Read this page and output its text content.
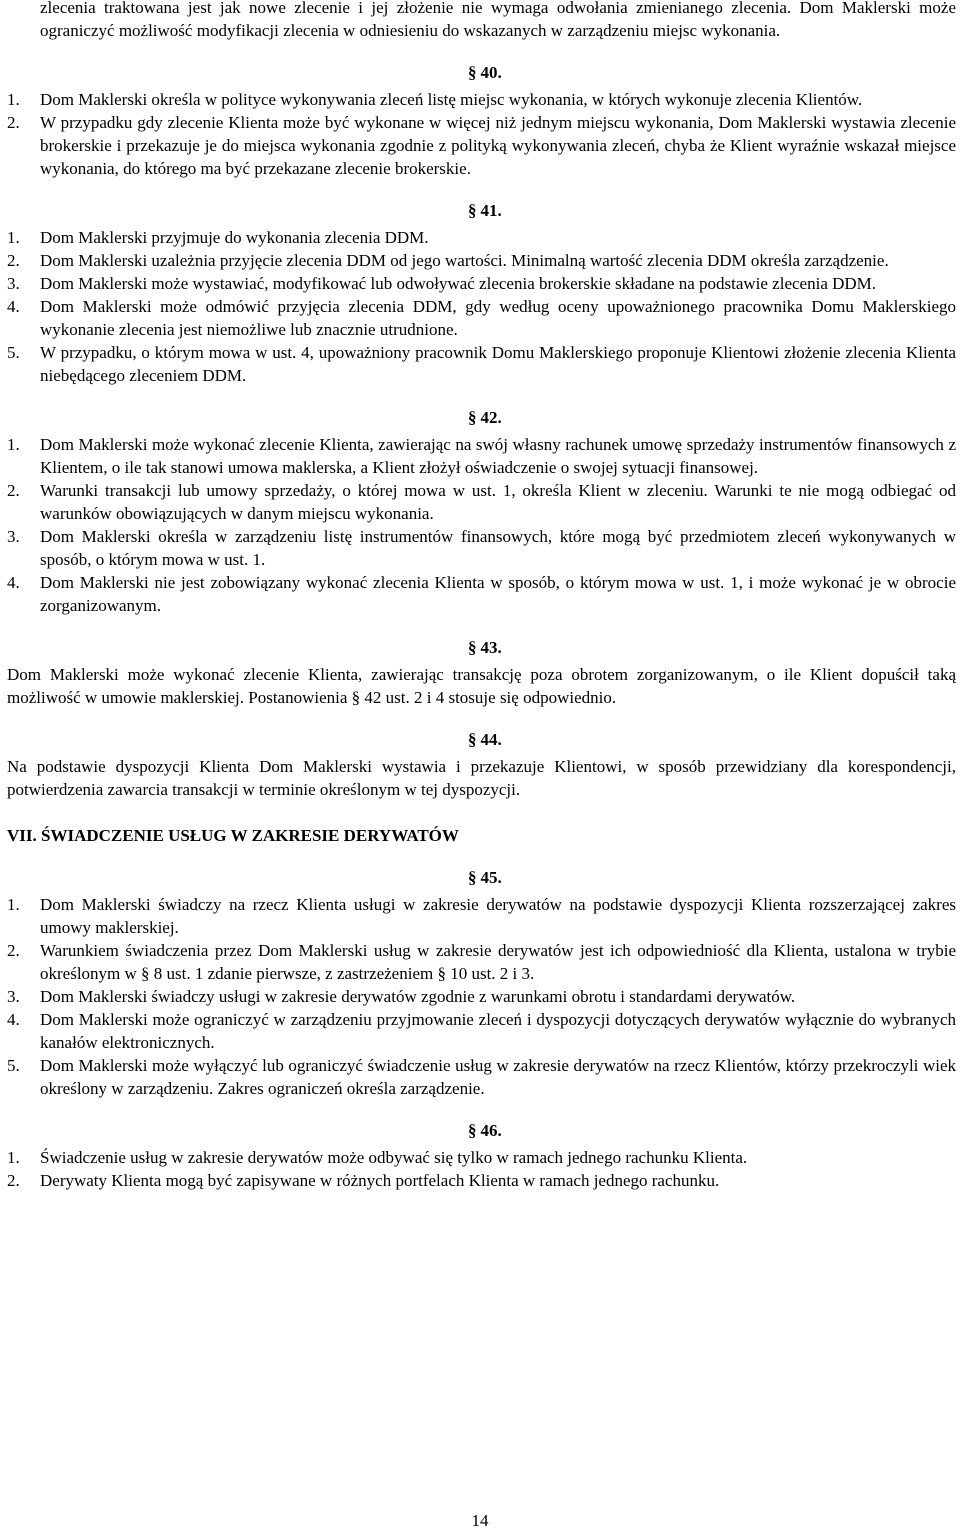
zlecenia traktowana jest jak nowe zlecenie i jej złożenie nie wymaga odwołania zmienianego zlecenia. Dom Maklerski może ograniczyć możliwość modyfikacji zlecenia w odniesieniu do wskazanych w zarządzeniu miejsc wykonania.

§ 40.
1. Dom Maklerski określa w polityce wykonywania zleceń listę miejsc wykonania, w których wykonuje zlecenia Klientów.
2. W przypadku gdy zlecenie Klienta może być wykonane w więcej niż jednym miejscu wykonania, Dom Maklerski wystawia zlecenie brokerskie i przekazuje je do miejsca wykonania zgodnie z polityką wykonywania zleceń, chyba że Klient wyraźnie wskazał miejsce wykonania, do którego ma być przekazane zlecenie brokerskie.
§ 41.
1. Dom Maklerski przyjmuje do wykonania zlecenia DDM.
2. Dom Maklerski uzależnia przyjęcie zlecenia DDM od jego wartości. Minimalną wartość zlecenia DDM określa zarządzenie.
3. Dom Maklerski może wystawiać, modyfikować lub odwoływać zlecenia brokerskie składane na podstawie zlecenia DDM.
4. Dom Maklerski może odmówić przyjęcia zlecenia DDM, gdy według oceny upoważnionego pracownika Domu Maklerskiego wykonanie zlecenia jest niemożliwe lub znacznie utrudnione.
5. W przypadku, o którym mowa w ust. 4, upoważniony pracownik Domu Maklerskiego proponuje Klientowi złożenie zlecenia Klienta niebędącego zleceniem DDM.
§ 42.
1. Dom Maklerski może wykonać zlecenie Klienta, zawierając na swój własny rachunek umowę sprzedaży instrumentów finansowych z Klientem, o ile tak stanowi umowa maklerska, a Klient złożył oświadczenie o swojej sytuacji finansowej.
2. Warunki transakcji lub umowy sprzedaży, o której mowa w ust. 1, określa Klient w zleceniu. Warunki te nie mogą odbiegać od warunków obowiązujących w danym miejscu wykonania.
3. Dom Maklerski określa w zarządzeniu listę instrumentów finansowych, które mogą być przedmiotem zleceń wykonywanych w sposób, o którym mowa w ust. 1.
4. Dom Maklerski nie jest zobowiązany wykonać zlecenia Klienta w sposób, o którym mowa w ust. 1, i może wykonać je w obrocie zorganizowanym.
§ 43.

Dom Maklerski może wykonać zlecenie Klienta, zawierając transakcję poza obrotem zorganizowanym, o ile Klient dopuścił taką możliwość w umowie maklerskiej. Postanowienia § 42 ust. 2 i 4 stosuje się odpowiednio.

§ 44.

Na podstawie dyspozycji Klienta Dom Maklerski wystawia i przekazuje Klientowi, w sposób przewidziany dla korespondencji, potwierdzenia zawarcia transakcji w terminie określonym w tej dyspozycji.

VII. ŚWIADCZENIE USŁUG W ZAKRESIE DERYWATÓW
§ 45.
1. Dom Maklerski świadczy na rzecz Klienta usługi w zakresie derywatów na podstawie dyspozycji Klienta rozszerzającej zakres umowy maklerskiej.
2. Warunkiem świadczenia przez Dom Maklerski usług w zakresie derywatów jest ich odpowiedniość dla Klienta, ustalona w trybie określonym w § 8 ust. 1 zdanie pierwsze, z zastrzeżeniem § 10 ust. 2 i 3.
3. Dom Maklerski świadczy usługi w zakresie derywatów zgodnie z warunkami obrotu i standardami derywatów.
4. Dom Maklerski może ograniczyć w zarządzeniu przyjmowanie zleceń i dyspozycji dotyczących derywatów wyłącznie do wybranych kanałów elektronicznych.
5. Dom Maklerski może wyłączyć lub ograniczyć świadczenie usług w zakresie derywatów na rzecz Klientów, którzy przekroczyli wiek określony w zarządzeniu. Zakres ograniczeń określa zarządzenie.
§ 46.
1. Świadczenie usług w zakresie derywatów może odbywać się tylko w ramach jednego rachunku Klienta.
2. Derywaty Klienta mogą być zapisywane w różnych portfelach Klienta w ramach jednego rachunku.
14
